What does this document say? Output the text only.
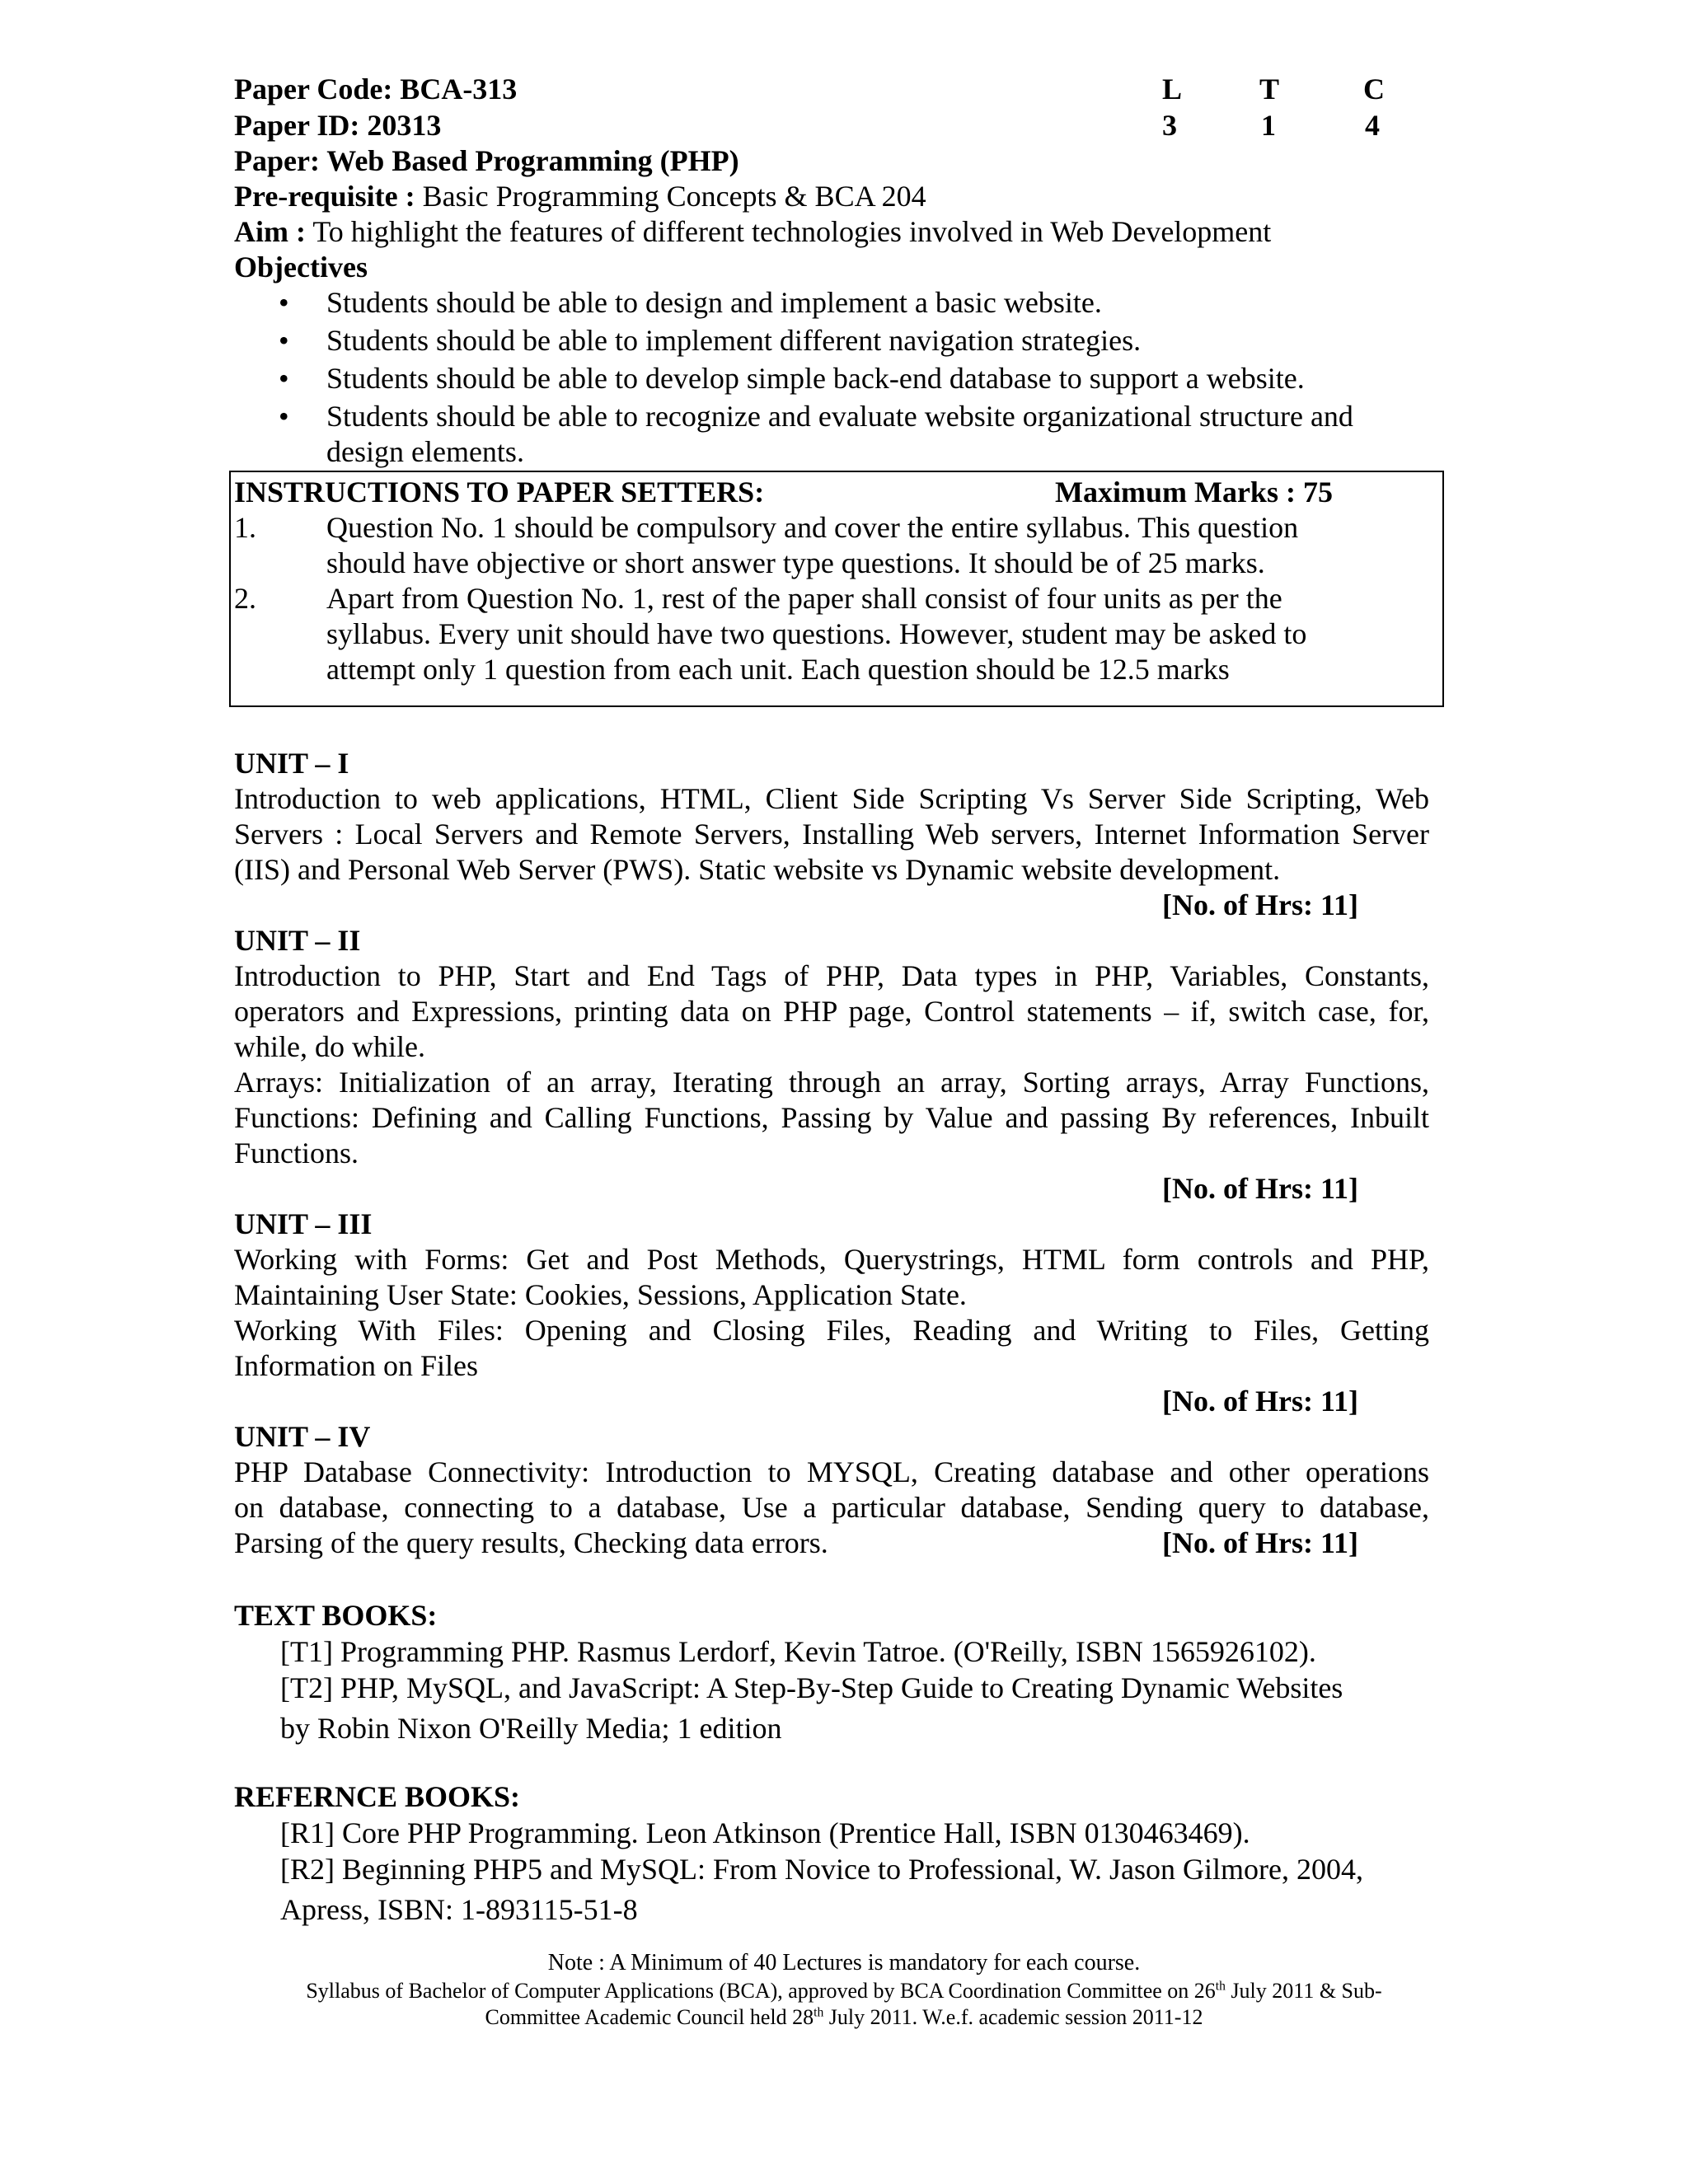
Paper Code: BCA-313
Paper ID: 20313
Paper: Web Based Programming (PHP)
Pre-requisite : Basic Programming Concepts & BCA 204
Aim : To highlight the features of different technologies involved in Web Development
L	T	C
3	1	4
Objectives
• Students should be able to design and implement a basic website.
• Students should be able to implement different navigation strategies.
• Students should be able to develop simple back-end database to support a website.
• Students should be able to recognize and evaluate website organizational structure and
design elements.
INSTRUCTIONS TO PAPER SETTERS:	Maximum Marks : 75
1. Question No. 1 should be compulsory and cover the entire syllabus. This question
should have objective or short answer type questions. It should be of 25 marks.
2. Apart from Question No. 1, rest of the paper shall consist of four units as per the
syllabus. Every unit should have two questions. However, student may be asked to
attempt only 1 question from each unit. Each question should be 12.5 marks
UNIT – I
Introduction to web applications, HTML, Client Side Scripting Vs Server Side Scripting, Web
Servers : Local Servers and Remote Servers, Installing Web servers, Internet Information Server
(IIS) and Personal Web Server (PWS). Static website vs Dynamic website development.
[No. of Hrs: 11]
UNIT – II
Introduction to PHP, Start and End Tags of PHP, Data types in PHP, Variables, Constants,
operators and Expressions, printing data on PHP page, Control statements – if, switch case, for,
while, do while.
Arrays: Initialization of an array, Iterating through an array, Sorting arrays, Array Functions,
Functions: Defining and Calling Functions, Passing by Value and passing By references, Inbuilt
Functions.
[No. of Hrs: 11]
UNIT – III
Working with Forms: Get and Post Methods, Querystrings, HTML form controls and PHP,
Maintaining User State: Cookies, Sessions, Application State.
Working With Files: Opening and Closing Files, Reading and Writing to Files, Getting
Information on Files
[No. of Hrs: 11]
UNIT – IV
PHP Database Connectivity: Introduction to MYSQL, Creating database and other operations
on database, connecting to a database, Use a particular database, Sending query to database,
Parsing of the query results, Checking data errors.	[No. of Hrs: 11]
TEXT BOOKS:
[T1] Programming PHP. Rasmus Lerdorf, Kevin Tatroe. (O'Reilly, ISBN 1565926102).
[T2] PHP, MySQL, and JavaScript: A Step-By-Step Guide to Creating Dynamic Websites
by Robin Nixon O'Reilly Media; 1 edition
REFERNCE BOOKS:
[R1] Core PHP Programming. Leon Atkinson (Prentice Hall, ISBN 0130463469).
[R2] Beginning PHP5 and MySQL: From Novice to Professional, W. Jason Gilmore, 2004,
Apress, ISBN: 1-893115-51-8
Note : A Minimum of 40 Lectures is mandatory for each course.
Syllabus of Bachelor of Computer Applications (BCA), approved by BCA Coordination Committee on 26th July 2011 & Sub-
Committee Academic Council held 28th July 2011. W.e.f. academic session 2011-12
